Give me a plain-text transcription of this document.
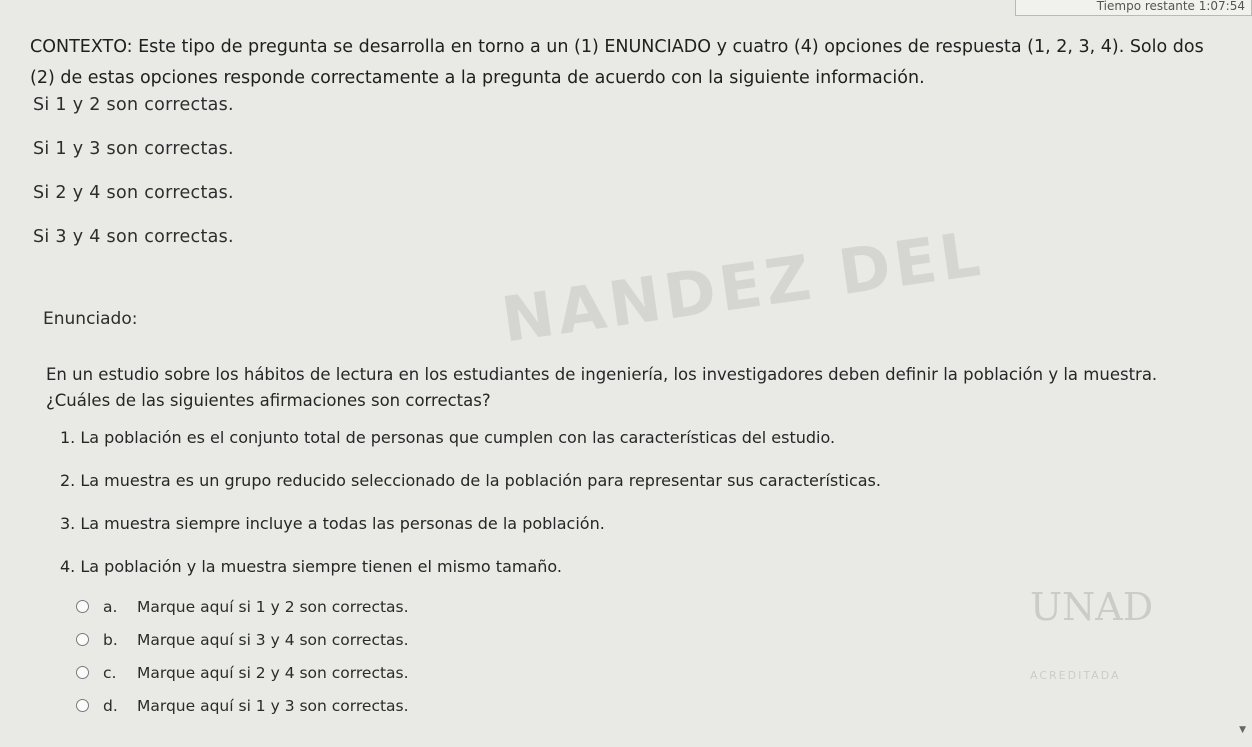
Tiempo restante 1:07:54
NANDEZ DEL
CONTEXTO: Este tipo de pregunta se desarrolla en torno a un (1) ENUNCIADO y cuatro (4) opciones de respuesta (1, 2, 3, 4). Solo dos (2) de estas opciones responde correctamente a la pregunta de acuerdo con la siguiente información.
Si 1 y 2 son correctas.
Si 1 y 3 son correctas.
Si 2 y 4 son correctas.
Si 3 y 4 son correctas.
Enunciado:
En un estudio sobre los hábitos de lectura en los estudiantes de ingeniería, los investigadores deben definir la población y la muestra. ¿Cuáles de las siguientes afirmaciones son correctas?
1. La población es el conjunto total de personas que cumplen con las características del estudio.
2. La muestra es un grupo reducido seleccionado de la población para representar sus características.
3. La muestra siempre incluye a todas las personas de la población.
4. La población y la muestra siempre tienen el mismo tamaño.
a.	Marque aquí si 1 y 2 son correctas.
b.	Marque aquí si 3 y 4 son correctas.
c.	Marque aquí si 2 y 4 son correctas.
d.	Marque aquí si 1 y 3 son correctas.
UNAD
ACREDITADA
▼
